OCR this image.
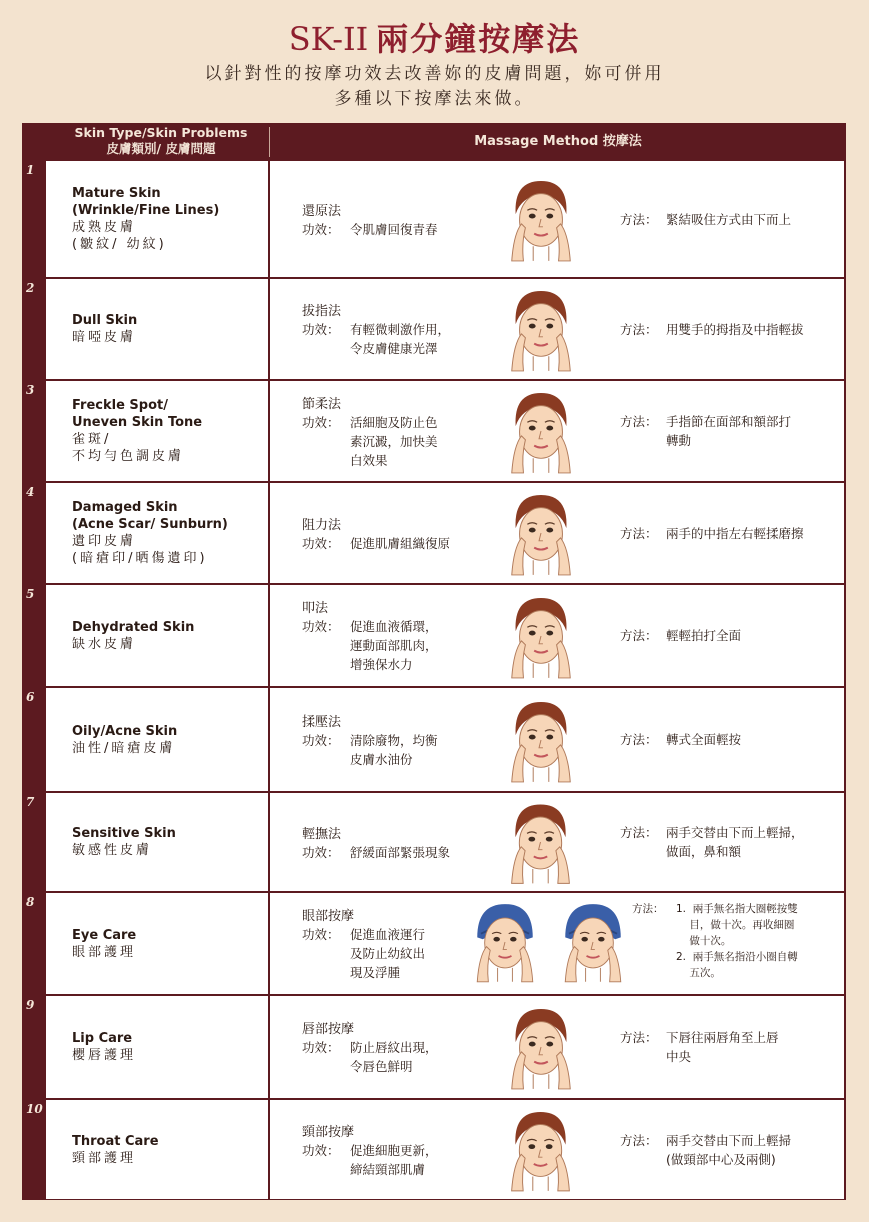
SK-II 兩分鐘按摩法
以針對性的按摩功效去改善妳的皮膚問題，妳可併用
多種以下按摩法來做。
Skin Type/Skin Problems
皮膚類別/ 皮膚問題	Massage Method 按摩法
1
Mature Skin
(Wrinkle/Fine Lines)
成熟皮膚
(皺紋/ 幼紋)
還原法
功效： 令肌膚回復青春
方法： 緊結吸住方式由下而上
2
Dull Skin
暗啞皮膚
拔指法
功效： 有輕微刺激作用，
令皮膚健康光澤
方法： 用雙手的拇指及中指輕拔
3
Freckle Spot/
Uneven Skin Tone
雀斑/
不均勻色調皮膚
節柔法
功效： 活細胞及防止色
素沉澱，加快美
白效果
方法： 手指節在面部和額部打
轉動
4
Damaged Skin
(Acne Scar/ Sunburn)
遺印皮膚
(暗瘡印/晒傷遺印)
阻力法
功效： 促進肌膚組織復原
方法： 兩手的中指左右輕揉磨擦
5
Dehydrated Skin
缺水皮膚
叩法
功效： 促進血液循環，
運動面部肌肉，
增強保水力
方法： 輕輕拍打全面
6
Oily/Acne Skin
油性/暗瘡皮膚
揉壓法
功效： 清除廢物，均衡
皮膚水油份
方法： 轉式全面輕按
7
Sensitive Skin
敏感性皮膚
輕撫法
功效： 舒緩面部緊張現象
方法： 兩手交替由下而上輕掃，
做面，鼻和額
8
Eye Care
眼部護理
眼部按摩
功效： 促進血液運行
及防止幼紋出
現及浮腫
方法：	1.  兩手無名指大圈輕按雙
目，做十次。再收細圈
做十次。
2.  兩手無名指沿小圈自轉
五次。
9
Lip Care
櫻唇護理
唇部按摩
功效： 防止唇紋出現，
令唇色鮮明
方法： 下唇往兩唇角至上唇
中央
10
Throat Care
頸部護理
頸部按摩
功效： 促進細胞更新，
締結頸部肌膚
方法： 兩手交替由下而上輕掃
(做頸部中心及兩側)
